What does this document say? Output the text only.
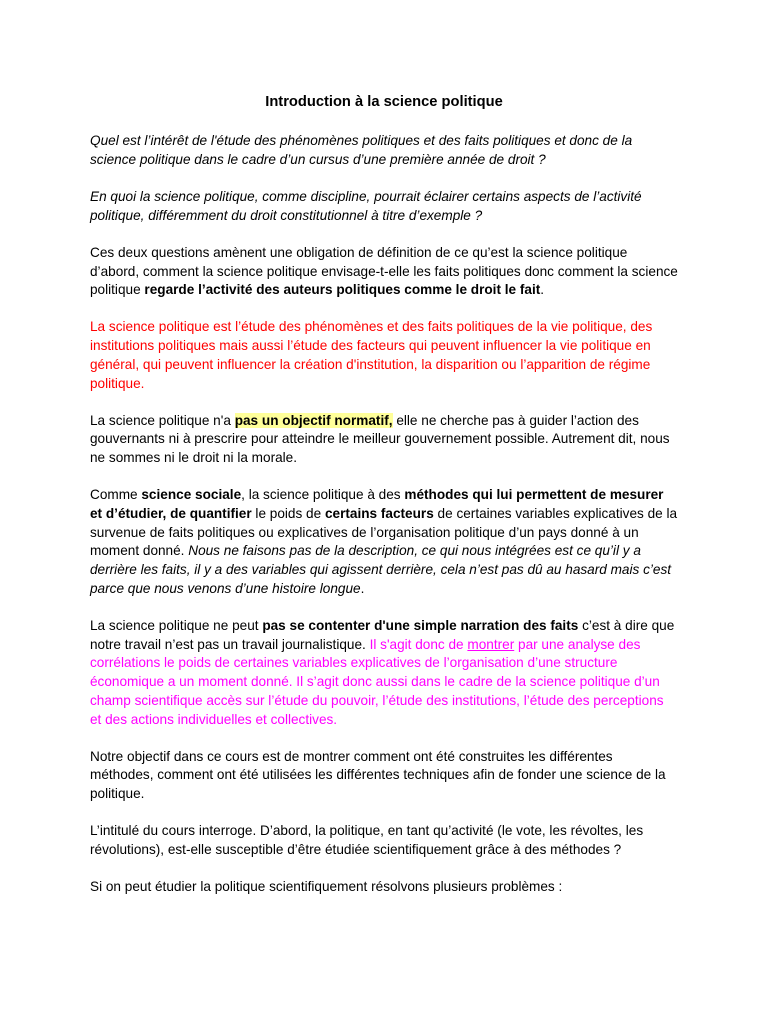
Introduction à la science politique

Quel est l’intérêt de l'étude des phénomènes politiques et des faits politiques et donc de la science politique dans le cadre d’un cursus d’une première année de droit ?

En quoi la science politique, comme discipline, pourrait éclairer certains aspects de l’activité politique, différemment du droit constitutionnel à titre d’exemple ?

Ces deux questions amènent une obligation de définition de ce qu’est la science politique d’abord, comment la science politique envisage-t-elle les faits politiques donc comment la science politique regarde l’activité des auteurs politiques comme le droit le fait.

La science politique est l’étude des phénomènes et des faits politiques de la vie politique, des institutions politiques mais aussi l’étude des facteurs qui peuvent influencer la vie politique en général, qui peuvent influencer la création d'institution, la disparition ou l’apparition de régime politique.

La science politique n'a pas un objectif normatif, elle ne cherche pas à guider l’action des gouvernants ni à prescrire pour atteindre le meilleur gouvernement possible. Autrement dit, nous ne sommes ni le droit ni la morale.

Comme science sociale, la science politique à des méthodes qui lui permettent de mesurer et d’étudier, de quantifier le poids de certains facteurs de certaines variables explicatives de la survenue de faits politiques ou explicatives de l’organisation politique d’un pays donné à un moment donné. Nous ne faisons pas de la description, ce qui nous intégrées est ce qu’il y a derrière les faits, il y a des variables qui agissent derrière, cela n’est pas dû au hasard mais c’est parce que nous venons d’une histoire longue.

La science politique ne peut pas se contenter d'une simple narration des faits c’est à dire que notre travail n’est pas un travail journalistique. Il s'agit donc de montrer par une analyse des corrélations le poids de certaines variables explicatives de l’organisation d’une structure économique a un moment donné. Il s’agit donc aussi dans le cadre de la science politique d’un champ scientifique accès sur l’étude du pouvoir, l’étude des institutions, l’étude des perceptions et des actions individuelles et collectives.

Notre objectif dans ce cours est de montrer comment ont été construites les différentes méthodes, comment ont été utilisées les différentes techniques afin de fonder une science de la politique.

L’intitulé du cours interroge. D’abord, la politique, en tant qu’activité (le vote, les révoltes, les révolutions), est-elle susceptible d’être étudiée scientifiquement grâce à des méthodes ?

Si on peut étudier la politique scientifiquement résolvons plusieurs problèmes :
